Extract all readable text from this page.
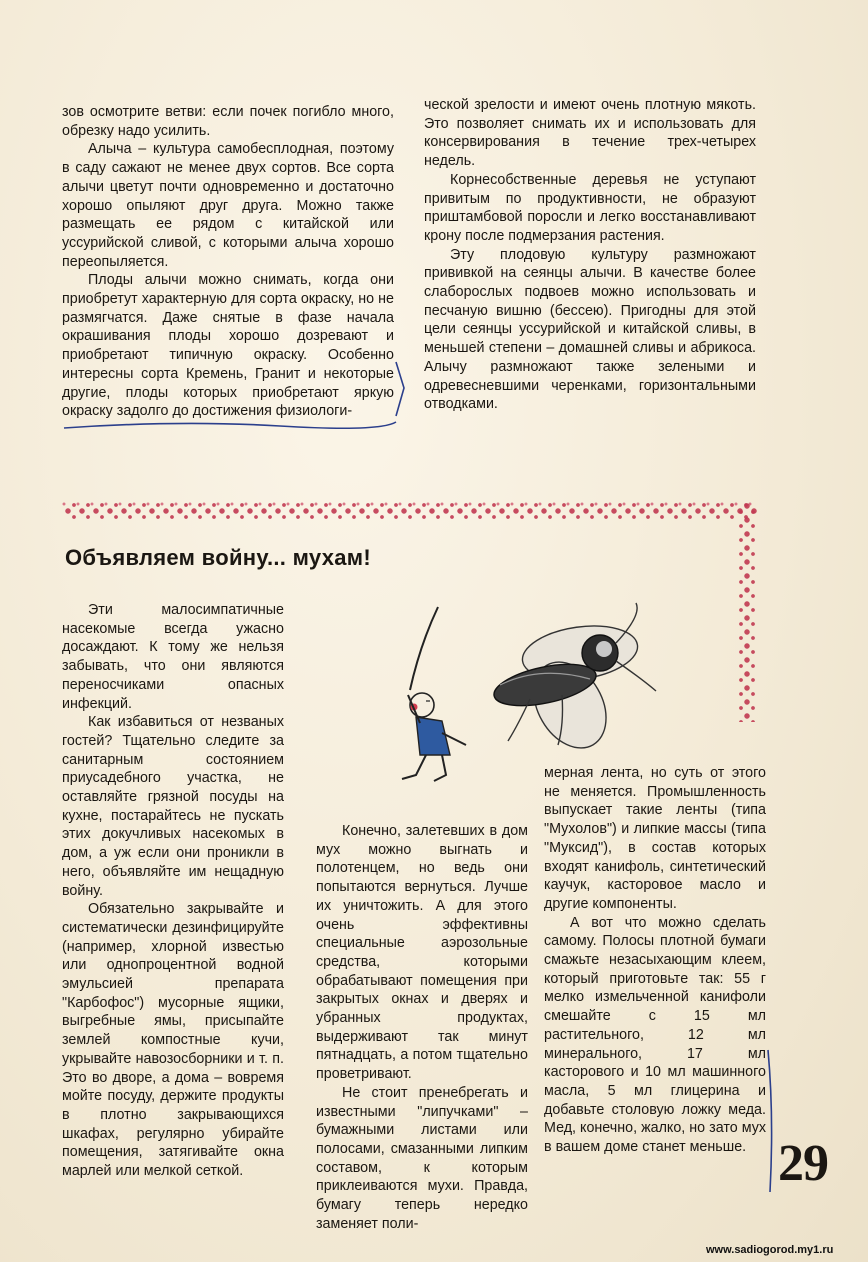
зов осмотрите ветви: если почек погибло много, обрезку надо усилить.

Алыча – культура самобесплодная, поэтому в саду сажают не менее двух сортов. Все сорта алычи цветут почти одновременно и достаточно хорошо опыляют друг друга. Можно также размещать ее рядом с китайской или уссурийской сливой, с которыми алыча хорошо переопыляется.

Плоды алычи можно снимать, когда они приобретут характерную для сорта окраску, но не размягчатся. Даже снятые в фазе начала окрашивания плоды хорошо дозревают и приобретают типичную окраску. Особенно интересны сорта Кремень, Гранит и некоторые другие, плоды которых приобретают яркую окраску задолго до достижения физиологи-

ческой зрелости и имеют очень плотную мякоть. Это позволяет снимать их и использовать для консервирования в течение трех-четырех недель.

Корнесобственные деревья не уступают привитым по продуктивности, не образуют приштамбовой поросли и легко восстанавливают крону после подмерзания растения.

Эту плодовую культуру размножают прививкой на сеянцы алычи. В качестве более слаборослых подвоев можно использовать и песчаную вишню (бессею). Пригодны для этой цели сеянцы уссурийской и китайской сливы, в меньшей степени – домашней сливы и абрикоса. Алычу размножают также зелеными и одревесневшими черенками, горизонтальными отводками.

Объявляем войну... мухам!

Эти малосимпатичные насекомые всегда ужасно досаждают. К тому же нельзя забывать, что они являются переносчиками опасных инфекций.

Как избавиться от незваных гостей? Тщательно следите за санитарным состоянием приусадебного участка, не оставляйте грязной посуды на кухне, постарайтесь не пускать этих докучливых насекомых в дом, а уж если они проникли в него, объявляйте им нещадную войну.

Обязательно закрывайте и систематически дезинфицируйте (например, хлорной известью или однопроцентной водной эмульсией препарата "Карбофос") мусорные ящики, выгребные ямы, присыпайте землей компостные кучи, укрывайте навозосборники и т. п. Это во дворе, а дома – вовремя мойте посуду, держите продукты в плотно закрывающихся шкафах, регулярно убирайте помещения, затягивайте окна марлей или мелкой сеткой.

Конечно, залетевших в дом мух можно выгнать и полотенцем, но ведь они попытаются вернуться. Лучше их уничтожить. А для этого очень эффективны специальные аэрозольные средства, которыми обрабатывают помещения при закрытых окнах и дверях и убранных продуктах, выдерживают так минут пятнадцать, а потом тщательно проветривают.

Не стоит пренебрегать и известными "липучками" – бумажными листами или полосами, смазанными липким составом, к которым приклеиваются мухи. Правда, бумагу теперь нередко заменяет поли-

мерная лента, но суть от этого не меняется. Промышленность выпускает такие ленты (типа "Мухолов") и липкие массы (типа "Муксид"), в состав которых входят канифоль, синтетический каучук, касторовое масло и другие компоненты.

А вот что можно сделать самому. Полосы плотной бумаги смажьте незасыхающим клеем, который приготовьте так: 55 г мелко измельченной канифоли смешайте с 15 мл растительного, 12 мл минерального, 17 мл касторового и 10 мл машинного масла, 5 мл глицерина и добавьте столовую ложку меда. Мед, конечно, жалко, но зато мух в вашем доме станет меньше. 29
www.sadiogorod.my1.ru
